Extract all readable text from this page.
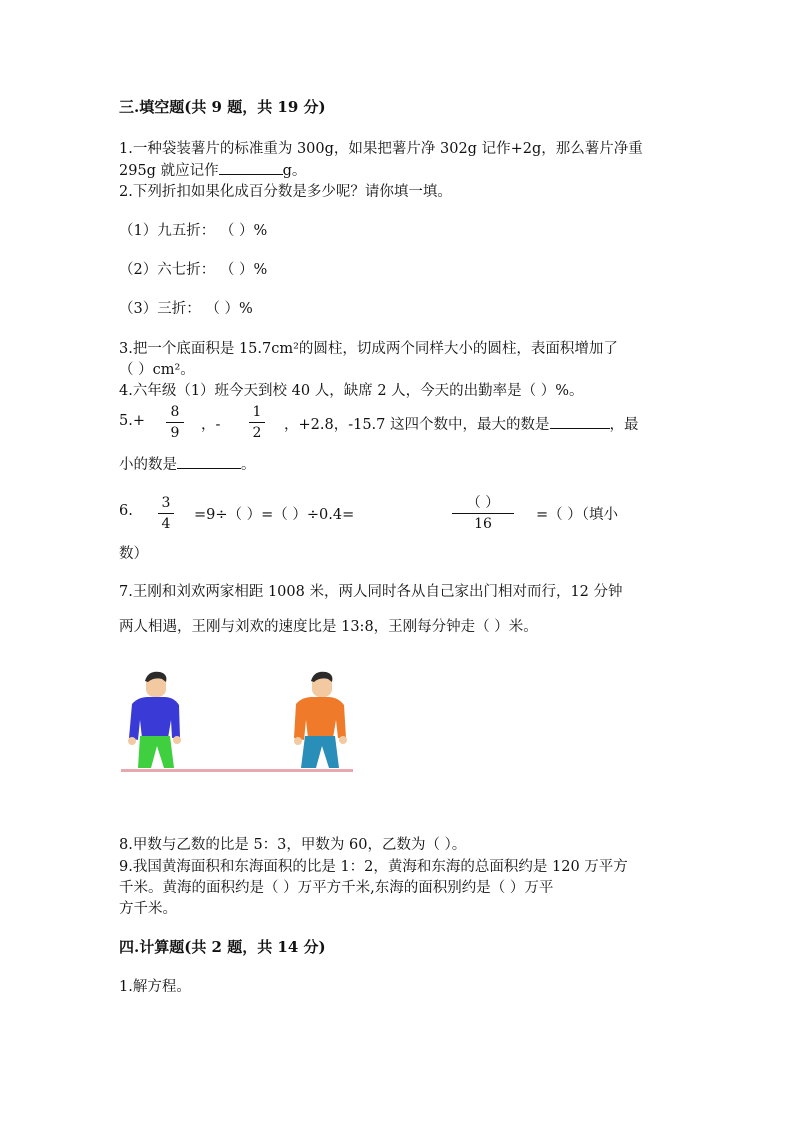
三.填空题(共 9 题，共 19 分)
1.一种袋装薯片的标准重为 300g，如果把薯片净 302g 记作+2g，那么薯片净重
295g 就应记作	g。
2.下列折扣如果化成百分数是多少呢？请你填一填。
（1）九五折： （ ）%
（2）六七折： （ ）%
（3）三折： （ ）%
3.把一个底面积是 15.7cm²的圆柱，切成两个同样大小的圆柱，表面积增加了
（ ）cm²。
4.六年级（1）班今天到校 40 人，缺席 2 人，今天的出勤率是（ ）%。
5.+
8
9	，-
1
2 ，+2.8，-15.7 这四个数中，最大的数是	，最
小的数是	。
6. 3
4
=9÷（ ）=（ ）÷0.4=
（ ）
16
=（ ）（填小
数）
7.王刚和刘欢两家相距 1008 米，两人同时各从自己家出门相对而行，12 分钟
两人相遇，王刚与刘欢的速度比是 13:8，王刚每分钟走（ ）米。
8.甲数与乙数的比是 5：3，甲数为 60，乙数为（ ）。
9.我国黄海面积和东海面积的比是 1：2，黄海和东海的总面积约是 120 万平方
千米。黄海的面积约是（ ）万平方千米,东海的面积别约是（ ）万平
方千米。
四.计算题(共 2 题，共 14 分)
1.解方程。
